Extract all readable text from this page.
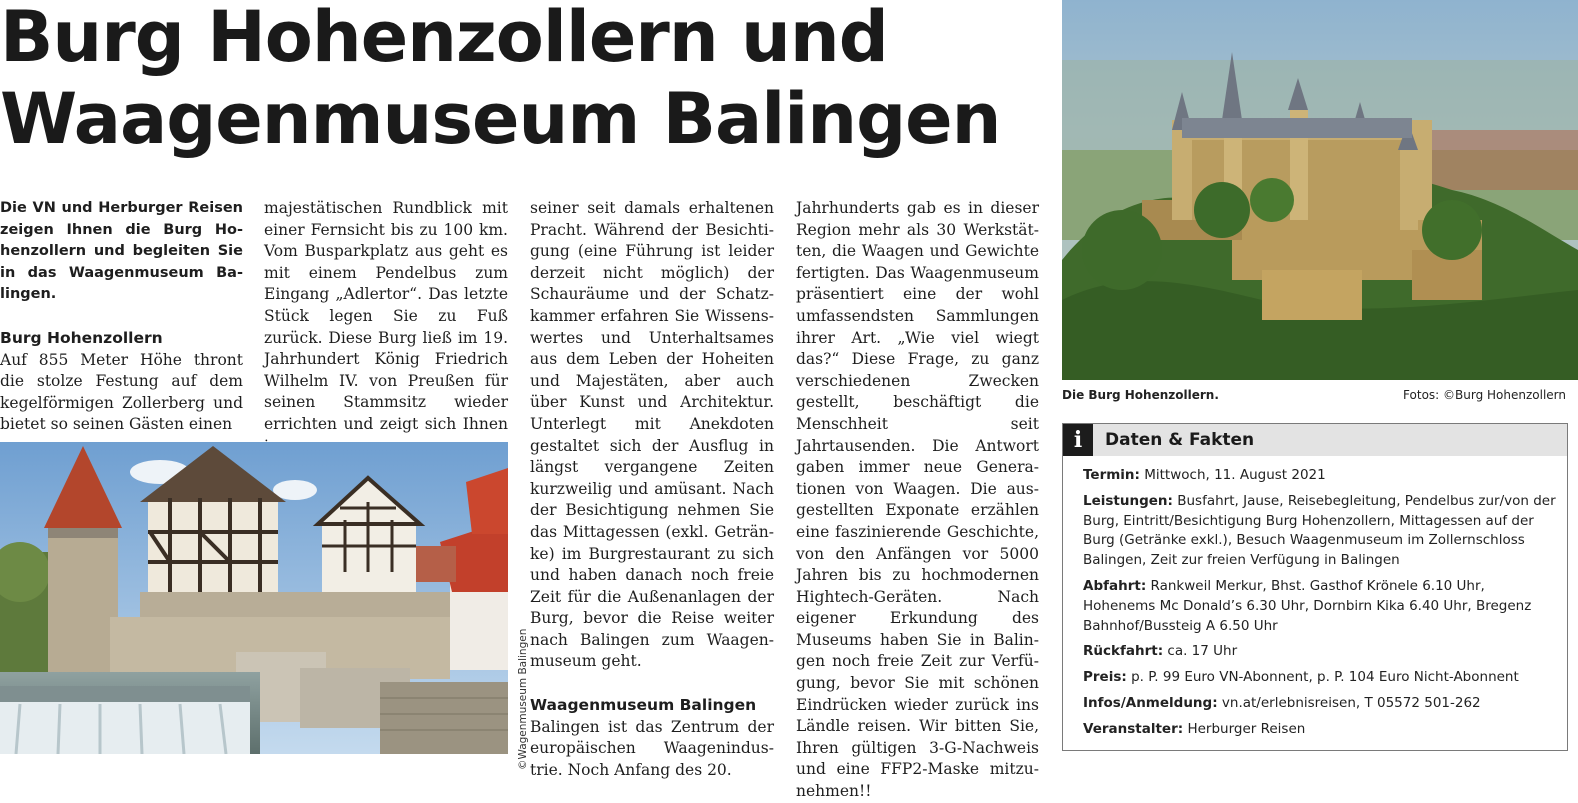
Burg Hohenzollern und Waagenmuseum Balingen

Die VN und Herburger Reisen zeigen Ihnen die Burg Hohenzollern und begleiten Sie in das Waagenmuseum Balingen.

Burg Hohenzollern

Auf 855 Meter Höhe thront die stolze Festung auf dem kegelförmigen Zollerberg und bietet so seinen Gästen einen

majestätischen Rundblick mit einer Fernsicht bis zu 100 km. Vom Busparkplatz aus geht es mit einem Pendelbus zum Eingang „Adlertor“. Das letzte Stück legen Sie zu Fuß zurück. Diese Burg ließ im 19. Jahrhundert König Friedrich Wilhelm IV. von Preußen für seinen Stammsitz wieder errichten und zeigt sich Ihnen

seiner seit damals erhaltenen Pracht. Während der Besichtigung (eine Führung ist leider derzeit nicht möglich) der Schauräume und der Schatzkammer erfahren Sie Wissenswertes und Unterhaltsames aus dem Leben der Hoheiten und Majestäten, aber auch über Kunst und Architektur. Unterlegt mit Anekdoten gestaltet sich der Ausflug in längst vergangene Zeiten kurzweilig und amüsant. Nach der Besichtigung nehmen Sie das Mittagessen (exkl. Getränke) im Burgrestaurant zu sich und haben danach noch freie Zeit für die Außenanlagen der Burg, bevor die Reise weiter nach Balingen zum Waagenmuseum geht.

Waagenmuseum Balingen

Balingen ist das Zentrum der europäischen Waagenindustrie. Noch Anfang des 20.

Jahrhunderts gab es in dieser Region mehr als 30 Werkstätten, die Waagen und Gewichte fertigten. Das Waagenmuseum präsentiert eine der wohl umfassendsten Sammlungen ihrer Art. „Wie viel wiegt das?“ Diese Frage, zu ganz verschiedenen Zwecken gestellt, beschäftigt die Menschheit seit Jahrtausenden. Die Antwort gaben immer neue Generationen von Waagen. Die ausgestellten Exponate erzählen eine faszinierende Geschichte, von den Anfängen vor 5000 Jahren bis zu hochmodernen Hightech-Geräten. Nach eigener Erkundung des Museums haben Sie in Balingen noch freie Zeit zur Verfügung, bevor Sie mit schönen Eindrücken wieder zurück ins Ländle reisen. Wir bitten Sie, Ihren gültigen 3-G-Nachweis und eine FFP2-Maske mitzunehmen!!

©Wagenmuseum Balingen
Die Burg Hohenzollern.	Fotos: ©Burg Hohenzollern
i	Daten & Fakten

Termin: Mittwoch, 11. August 2021

Leistungen: Busfahrt, Jause, Reisebegleitung, Pendelbus zur/von der Burg, Eintritt/Besichtigung Burg Hohenzollern, Mittagessen auf der Burg (Getränke exkl.), Besuch Waagenmuseum im Zollernschloss Balingen, Zeit zur freien Verfügung in Balingen

Abfahrt: Rankweil Merkur, Bhst. Gasthof Krönele 6.10 Uhr, Hohenems Mc Donald’s 6.30 Uhr, Dornbirn Kika 6.40 Uhr, Bregenz Bahnhof/Bussteig A 6.50 Uhr

Rückfahrt: ca. 17 Uhr

Preis: p. P. 99 Euro VN-Abonnent, p. P. 104 Euro Nicht-Abonnent

Infos/Anmeldung: vn.at/erlebnisreisen, T 05572 501-262

Veranstalter: Herburger Reisen
